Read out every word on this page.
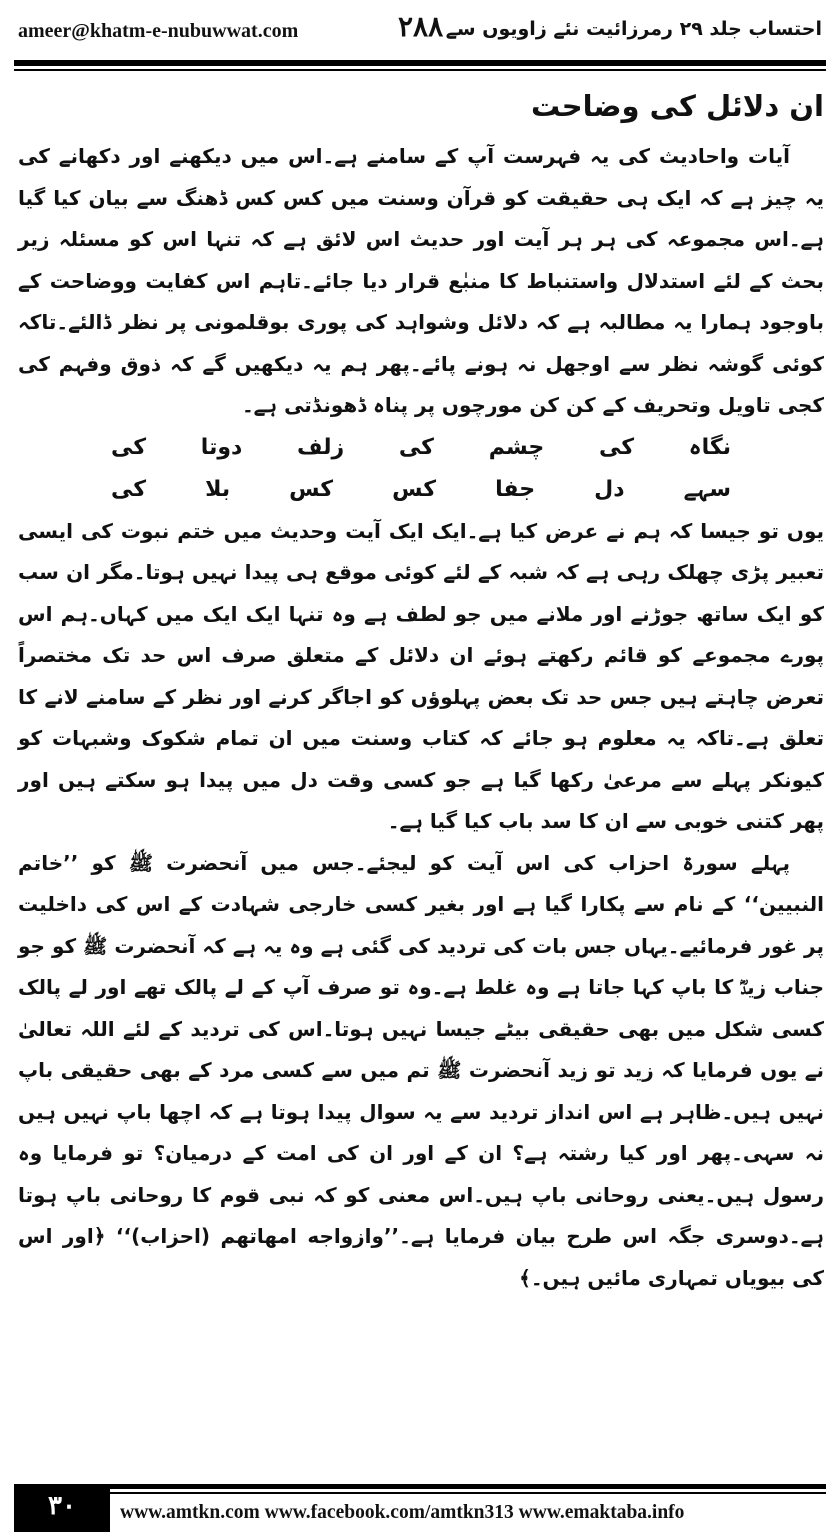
ameer@khatm-e-nubuwwat.com	۲۸۸ احتساب جلد ۲۹ رمرزائیت نئے زاویوں سے
ان دلائل کی وضاحت

آیات واحادیث کی یہ فہرست آپ کے سامنے ہے۔اس میں دیکھنے اور دکھانے کی یہ چیز ہے کہ ایک ہی حقیقت کو قرآن وسنت میں کس کس ڈھنگ سے بیان کیا گیا ہے۔اس مجموعہ کی ہر ہر آیت اور حدیث اس لائق ہے کہ تنہا اس کو مسئلہ زیر بحث کے لئے استدلال واستنباط کا منبٰع قرار دیا جائے۔تاہم اس کفایت ووضاحت کے باوجود ہمارا یہ مطالبہ ہے کہ دلائل وشواہد کی پوری بوقلمونی پر نظر ڈالئے۔تاکہ کوئی گوشہ نظر سے اوجھل نہ ہونے پائے۔پھر ہم یہ دیکھیں گے کہ ذوق وفہم کی کجی تاویل وتحریف کے کن کن مورچوں پر پناہ ڈھونڈتی ہے۔

نگاہ کی چشم کی زلف دوتا کی
سہے دل جفا کس کس بلا کی

یوں تو جیسا کہ ہم نے عرض کیا ہے۔ایک ایک آیت وحدیث میں ختم نبوت کی ایسی تعبیر پڑی چھلک رہی ہے کہ شبہ کے لئے کوئی موقع ہی پیدا نہیں ہوتا۔مگر ان سب کو ایک ساتھ جوڑنے اور ملانے میں جو لطف ہے وہ تنہا ایک ایک میں کہاں۔ہم اس پورے مجموعے کو قائم رکھتے ہوئے ان دلائل کے متعلق صرف اس حد تک مختصراً تعرض چاہتے ہیں جس حد تک بعض پہلوؤں کو اجاگر کرنے اور نظر کے سامنے لانے کا تعلق ہے۔تاکہ یہ معلوم ہو جائے کہ کتاب وسنت میں ان تمام شکوک وشبہات کو کیونکر پہلے سے مرعیٰ رکھا گیا ہے جو کسی وقت دل میں پیدا ہو سکتے ہیں اور پھر کتنی خوبی سے ان کا سد باب کیا گیا ہے۔

پہلے سورۃ احزاب کی اس آیت کو لیجئے۔جس میں آنحضرت ﷺ کو ’’خاتم النبیین‘‘ کے نام سے پکارا گیا ہے اور بغیر کسی خارجی شہادت کے اس کی داخلیت پر غور فرمائیے۔یہاں جس بات کی تردید کی گئی ہے وہ یہ ہے کہ آنحضرت ﷺ کو جو جناب زیدؓ کا باپ کہا جاتا ہے وہ غلط ہے۔وہ تو صرف آپ کے لے پالک تھے اور لے پالک کسی شکل میں بھی حقیقی بیٹے جیسا نہیں ہوتا۔اس کی تردید کے لئے اللہ تعالیٰ نے یوں فرمایا کہ زید تو زید آنحضرت ﷺ تم میں سے کسی مرد کے بھی حقیقی باپ نہیں ہیں۔ظاہر ہے اس انداز تردید سے یہ سوال پیدا ہوتا ہے کہ اچھا باپ نہیں ہیں نہ سہی۔پھر اور کیا رشتہ ہے؟ ان کے اور ان کی امت کے درمیان؟ تو فرمایا وہ رسول ہیں۔یعنی روحانی باپ ہیں۔اس معنی کو کہ نبی قوم کا روحانی باپ ہوتا ہے۔دوسری جگہ اس طرح بیان فرمایا ہے۔’’وازواجه امهاتهم (احزاب)‘‘ ﴿اور اس کی بیویاں تمہاری مائیں ہیں۔﴾

۳۰	www.amtkn.com www.facebook.com/amtkn313 www.emaktaba.info
